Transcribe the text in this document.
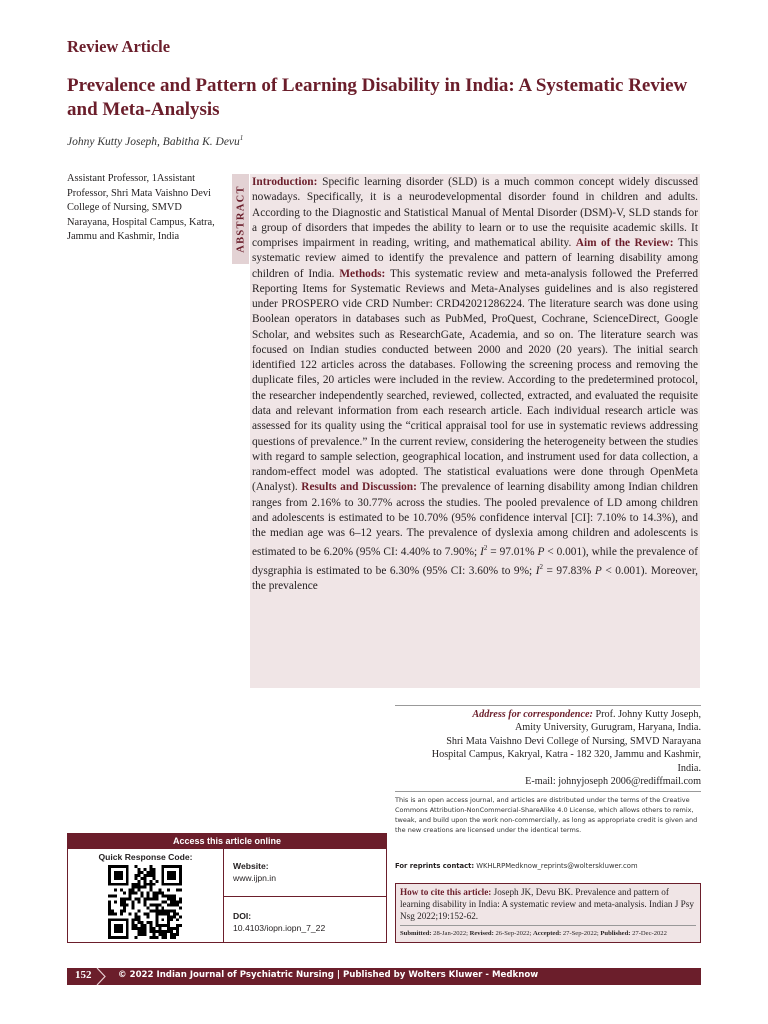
Review Article
Prevalence and Pattern of Learning Disability in India: A Systematic Review and Meta-Analysis
Johny Kutty Joseph, Babitha K. Devu$^1$
Assistant Professor, 1Assistant Professor, Shri Mata Vaishno Devi College of Nursing, SMVD Narayana, Hospital Campus, Katra, Jammu and Kashmir, India	ABSTRACT
Introduction: Specific learning disorder (SLD) is a much common concept widely discussed nowadays. Specifically, it is a neurodevelopmental disorder found in children and adults. According to the Diagnostic and Statistical Manual of Mental Disorder (DSM)-V, SLD stands for a group of disorders that impedes the ability to learn or to use the requisite academic skills. It comprises impairment in reading, writing, and mathematical ability. Aim of the Review: This systematic review aimed to identify the prevalence and pattern of learning disability among children of India. Methods: This systematic review and meta-analysis followed the Preferred Reporting Items for Systematic Reviews and Meta-Analyses guidelines and is also registered under PROSPERO vide CRD Number: CRD42021286224. The literature search was done using Boolean operators in databases such as PubMed, ProQuest, Cochrane, ScienceDirect, Google Scholar, and websites such as ResearchGate, Academia, and so on. The literature search was focused on Indian studies conducted between 2000 and 2020 (20 years). The initial search identified 122 articles across the databases. Following the screening process and removing the duplicate files, 20 articles were included in the review. According to the predetermined protocol, the researcher independently searched, reviewed, collected, extracted, and evaluated the requisite data and relevant information from each research article. Each individual research article was assessed for its quality using the “critical appraisal tool for use in systematic reviews addressing questions of prevalence.” In the current review, considering the heterogeneity between the studies with regard to sample selection, geographical location, and instrument used for data collection, a random-effect model was adopted. The statistical evaluations were done through OpenMeta (Analyst). Results and Discussion: The prevalence of learning disability among Indian children ranges from 2.16% to 30.77% across the studies. The pooled prevalence of LD among children and adolescents is estimated to be 10.70% (95% confidence interval [CI]: 7.10% to 14.3%), and the median age was 6–12 years. The prevalence of dyslexia among children and adolescents is estimated to be 6.20% (95% CI: 4.40% to 7.90%; $I^2 = 97.01\%$ P < 0.001), while the prevalence of dysgraphia is estimated to be 6.30% (95% CI: 3.60% to 9%; $I^2 = 97.83\%$ P < 0.001). Moreover, the prevalence
Address for correspondence: Prof. Johny Kutty Joseph,
Amity University, Gurugram, Haryana, India.
Shri Mata Vaishno Devi College of Nursing, SMVD Narayana
Hospital Campus, Kakryal, Katra - 182 320, Jammu and Kashmir,
India.
E-mail: johnyjoseph 2006@rediffmail.com
This is an open access journal, and articles are distributed under the terms of the Creative Commons Attribution‑NonCommercial‑ShareAlike 4.0 License, which allows others to remix, tweak, and build upon the work non‑commercially, as long as appropriate credit is given and the new creations are licensed under the identical terms.
For reprints contact: WKHLRPMedknow_reprints@wolterskluwer.com
How to cite this article: Joseph JK, Devu BK. Prevalence and pattern of learning disability in India: A systematic review and meta-analysis. Indian J Psy Nsg 2022;19:152-62.
Submitted: 28-Jan-2022; Revised: 26-Sep-2022; Accepted: 27-Sep-2022; Published: 27-Dec-2022
Access this article online
Quick Response Code:
Website:
www.ijpn.in
DOI:
10.4103/iopn.iopn_7_22
152	© 2022 Indian Journal of Psychiatric Nursing | Published by Wolters Kluwer - Medknow
